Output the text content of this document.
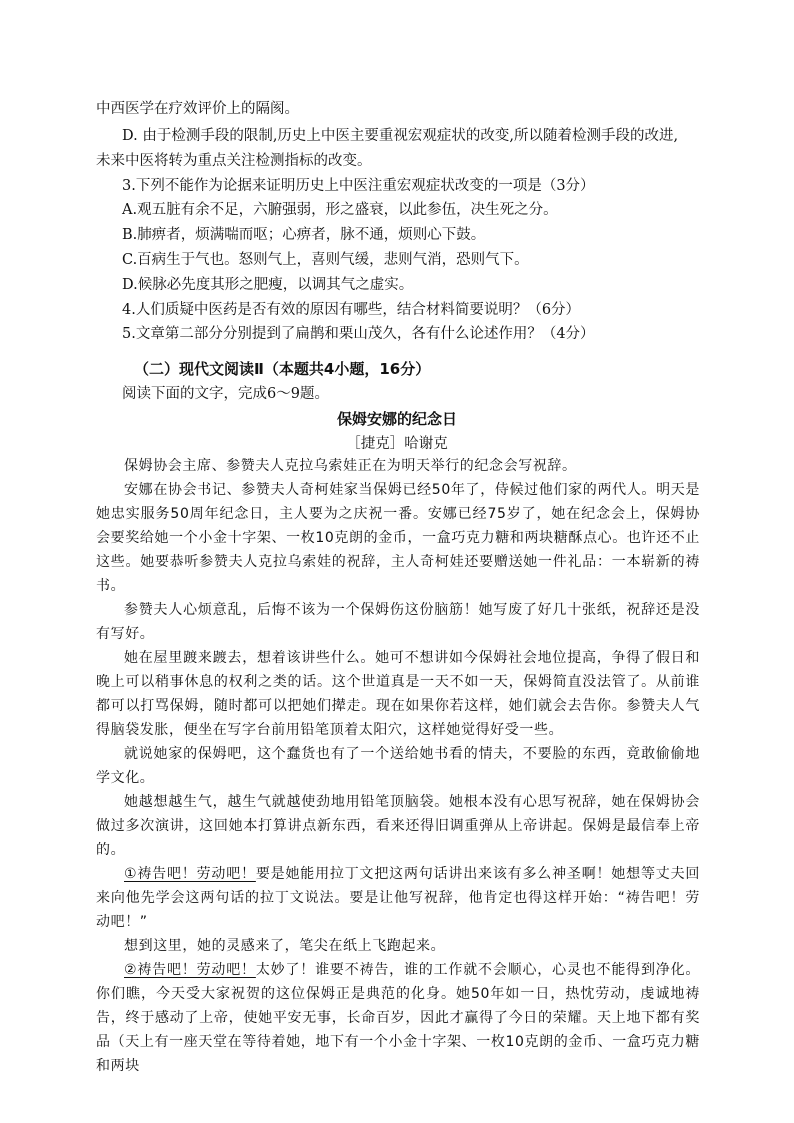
中西医学在疗效评价上的隔阂。
D. 由于检测手段的限制,历史上中医主要重视宏观症状的改变,所以随着检测手段的改进,
未来中医将转为重点关注检测指标的改变。
3.下列不能作为论据来证明历史上中医注重宏观症状改变的一项是（3分）
A.观五脏有余不足，六腑强弱，形之盛衰，以此参伍，决生死之分。
B.肺痹者，烦满喘而呕；心痹者，脉不通，烦则心下鼓。
C.百病生于气也。怒则气上，喜则气缓，悲则气消，恐则气下。
D.候脉必先度其形之肥瘦，以调其气之虚实。
4.人们质疑中医药是否有效的原因有哪些，结合材料简要说明？（6分）
5.文章第二部分分别提到了扁鹊和栗山茂久，各有什么论述作用？（4分）
（二）现代文阅读Ⅱ（本题共4小题，16分）
阅读下面的文字，完成6～9题。
保姆安娜的纪念日
［捷克］哈谢克
保姆协会主席、参赞夫人克拉乌索娃正在为明天举行的纪念会写祝辞。
安娜在协会书记、参赞夫人奇柯娃家当保姆已经50年了，侍候过他们家的两代人。明天是她忠实服务50周年纪念日，主人要为之庆祝一番。安娜已经75岁了，她在纪念会上，保姆协会要奖给她一个小金十字架、一枚10克朗的金币，一盒巧克力糖和两块糖酥点心。也许还不止这些。她要恭听参赞夫人克拉乌索娃的祝辞，主人奇柯娃还要赠送她一件礼品：一本崭新的祷书。
参赞夫人心烦意乱，后悔不该为一个保姆伤这份脑筋！她写废了好几十张纸，祝辞还是没有写好。
她在屋里踱来踱去，想着该讲些什么。她可不想讲如今保姆社会地位提高，争得了假日和晚上可以稍事休息的权利之类的话。这个世道真是一天不如一天，保姆简直没法管了。从前谁都可以打骂保姆，随时都可以把她们撵走。现在如果你若这样，她们就会去告你。参赞夫人气得脑袋发胀，便坐在写字台前用铅笔顶着太阳穴，这样她觉得好受一些。
就说她家的保姆吧，这个蠢货也有了一个送给她书看的情夫，不要脸的东西，竟敢偷偷地学文化。
她越想越生气，越生气就越使劲地用铅笔顶脑袋。她根本没有心思写祝辞，她在保姆协会做过多次演讲，这回她本打算讲点新东西，看来还得旧调重弹从上帝讲起。保姆是最信奉上帝的。
①祷告吧！劳动吧！要是她能用拉丁文把这两句话讲出来该有多么神圣啊！她想等丈夫回来向他先学会这两句话的拉丁文说法。要是让他写祝辞，他肯定也得这样开始：“祷告吧！劳动吧！”
想到这里，她的灵感来了，笔尖在纸上飞跑起来。
②祷告吧！劳动吧！太妙了！谁要不祷告，谁的工作就不会顺心，心灵也不能得到净化。你们瞧，今天受大家祝贺的这位保姆正是典范的化身。她50年如一日，热忱劳动，虔诚地祷告，终于感动了上帝，使她平安无事，长命百岁，因此才赢得了今日的荣耀。天上地下都有奖品（天上有一座天堂在等待着她，地下有一个小金十字架、一枚10克朗的金币、一盒巧克力糖和两块
